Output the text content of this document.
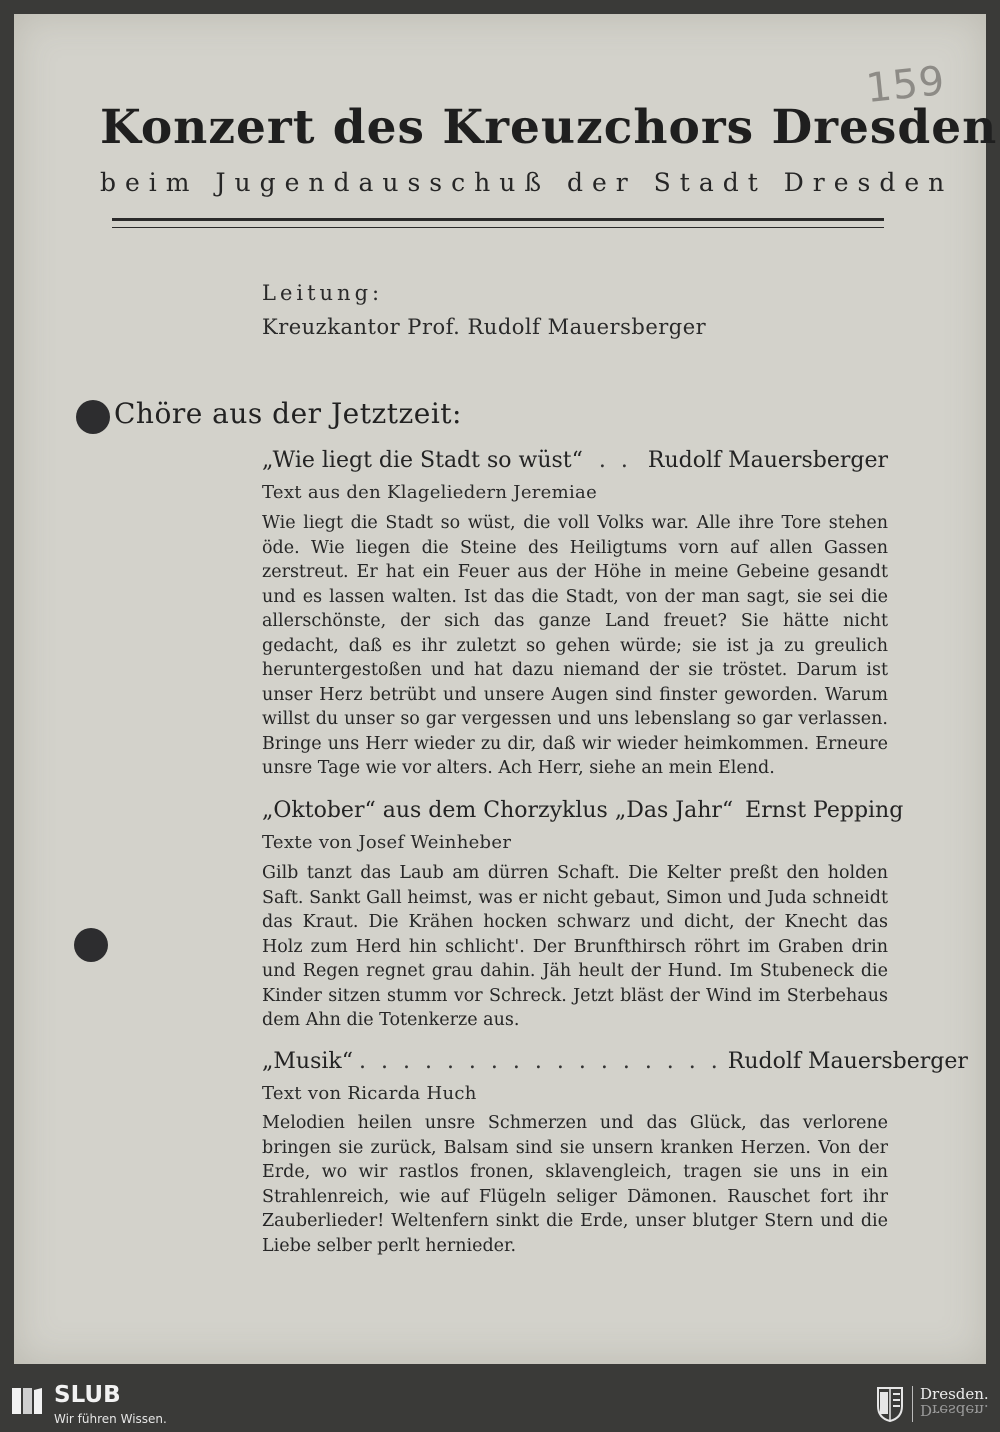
159
Konzert des Kreuzchors Dresden
beim Jugendausschuß der Stadt Dresden
Leitung:
Kreuzkantor Prof. Rudolf Mauersberger
Chöre aus der Jetztzeit:
„Wie liegt die Stadt so wüst“ . . Rudolf Mauersberger
Text aus den Klageliedern Jeremiae
Wie liegt die Stadt so wüst, die voll Volks war. Alle ihre Tore stehen öde. Wie liegen die Steine des Heiligtums vorn auf allen Gassen zerstreut. Er hat ein Feuer aus der Höhe in meine Gebeine gesandt und es lassen walten. Ist das die Stadt, von der man sagt, sie sei die allerschönste, der sich das ganze Land freuet? Sie hätte nicht gedacht, daß es ihr zuletzt so gehen würde; sie ist ja zu greulich heruntergestoßen und hat dazu niemand der sie tröstet. Darum ist unser Herz betrübt und unsere Augen sind finster geworden. Warum willst du unser so gar vergessen und uns lebenslang so gar verlassen. Bringe uns Herr wieder zu dir, daß wir wieder heimkommen. Erneure unsre Tage wie vor alters. Ach Herr, siehe an mein Elend.
„Oktober“ aus dem Chorzyklus „Das Jahr“ Ernst Pepping
Texte von Josef Weinheber
Gilb tanzt das Laub am dürren Schaft. Die Kelter preßt den holden Saft. Sankt Gall heimst, was er nicht gebaut, Simon und Juda schneidt das Kraut. Die Krähen hocken schwarz und dicht, der Knecht das Holz zum Herd hin schlicht'. Der Brunfthirsch röhrt im Graben drin und Regen regnet grau dahin. Jäh heult der Hund. Im Stubeneck die Kinder sitzen stumm vor Schreck. Jetzt bläst der Wind im Sterbehaus dem Ahn die Totenkerze aus.
„Musik“ . . . . . . . . . . . . . . . . . Rudolf Mauersberger
Text von Ricarda Huch
Melodien heilen unsre Schmerzen und das Glück, das verlorene bringen sie zurück, Balsam sind sie unsern kranken Herzen. Von der Erde, wo wir rastlos fronen, sklavengleich, tragen sie uns in ein Strahlenreich, wie auf Flügeln seliger Dämonen. Rauschet fort ihr Zauberlieder! Weltenfern sinkt die Erde, unser blutger Stern und die Liebe selber perlt hernieder.
SLUB
Wir führen Wissen.
Dresden.
Dresden.
